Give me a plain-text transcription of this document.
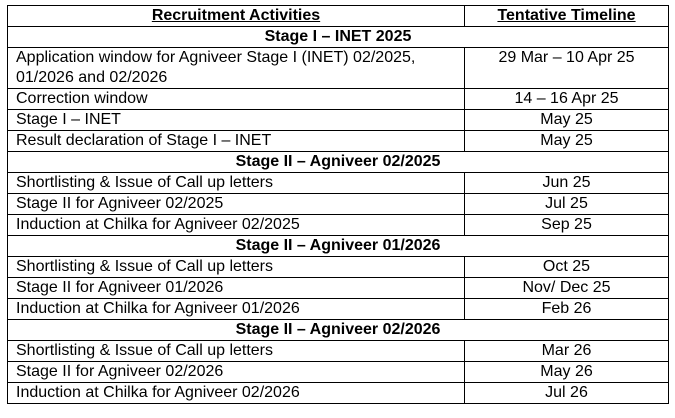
Recruitment Activities	Tentative Timeline
Stage I – INET 2025	
Application window for Agniveer Stage I (INET) 02/2025, 01/2026 and 02/2026	29 Mar – 10 Apr 25
Correction window	14 – 16 Apr 25
Stage I – INET	May 25
Result declaration of Stage I – INET	May 25
Stage II – Agniveer 02/2025	
Shortlisting & Issue of Call up letters	Jun 25
Stage II for Agniveer 02/2025	Jul 25
Induction at Chilka for Agniveer 02/2025	Sep 25
Stage II – Agniveer 01/2026	
Shortlisting & Issue of Call up letters	Oct 25
Stage II for Agniveer 01/2026	Nov/ Dec 25
Induction at Chilka for Agniveer 01/2026	Feb 26
Stage II – Agniveer 02/2026	
Shortlisting & Issue of Call up letters	Mar 26
Stage II for Agniveer 02/2026	May 26
Induction at Chilka for Agniveer 02/2026	Jul 26
